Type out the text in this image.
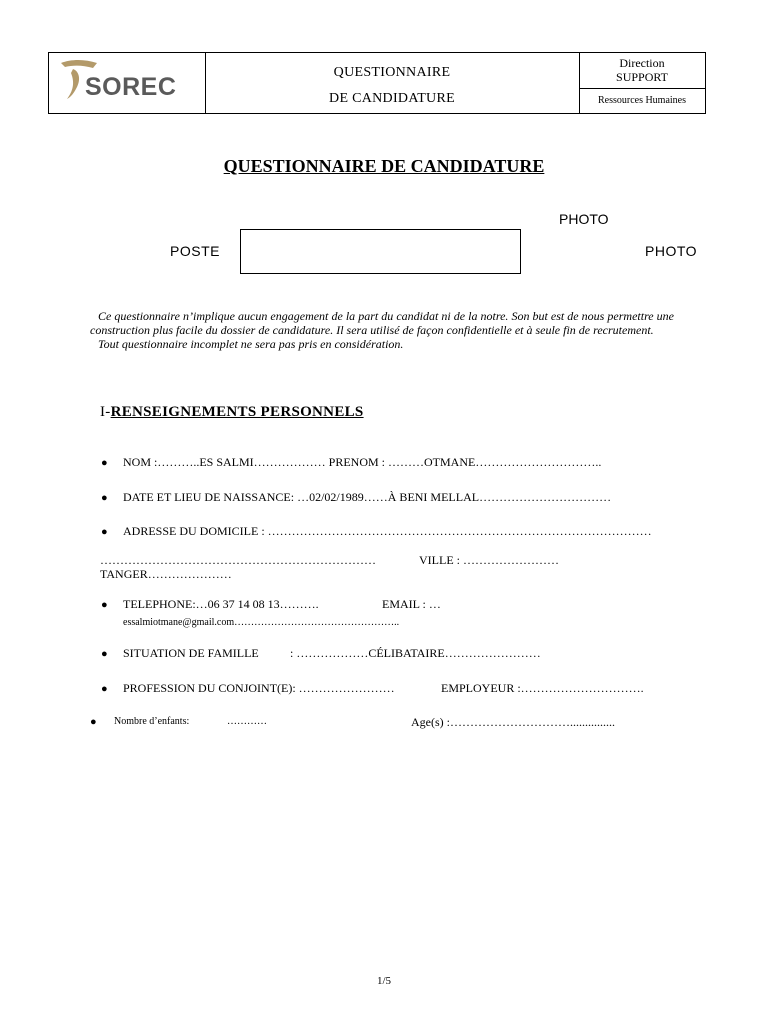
SOREC
QUESTIONNAIRE
DE CANDIDATURE
Direction
SUPPORT
Ressources Humaines
QUESTIONNAIRE DE CANDIDATURE
PHOTO
POSTE	PHOTO

Ce questionnaire n’implique aucun engagement de la part du candidat ni de la notre. Son but est de nous permettre une construction plus facile du dossier de candidature. Il sera utilisé de façon confidentielle et à seule fin de recrutement.

Tout questionnaire incomplet ne sera pas pris en considération.

I-RENSEIGNEMENTS PERSONNELS
● NOM :………..ES SALMI……………… PRENOM : ………OTMANE…………………………..
● DATE ET LIEU DE NAISSANCE: …02/02/1989……À BENI MELLAL……………………………
● ADRESSE DU DOMICILE : ……………………………………………………………………………………
……………………………………………………………	VILLE : ……………………
TANGER…………………
● TELEPHONE:…06 37 14 08 13……….	EMAIL : …
essalmiotmane@gmail.com…………………………………………..
● SITUATION DE FAMILLE	: ………………CÉLIBATAIRE……………………
● PROFESSION DU CONJOINT(E): ……………………	EMPLOYEUR :………………………….
● Nombre d’enfants:	…………	Age(s) :…………………………...............
1/5
